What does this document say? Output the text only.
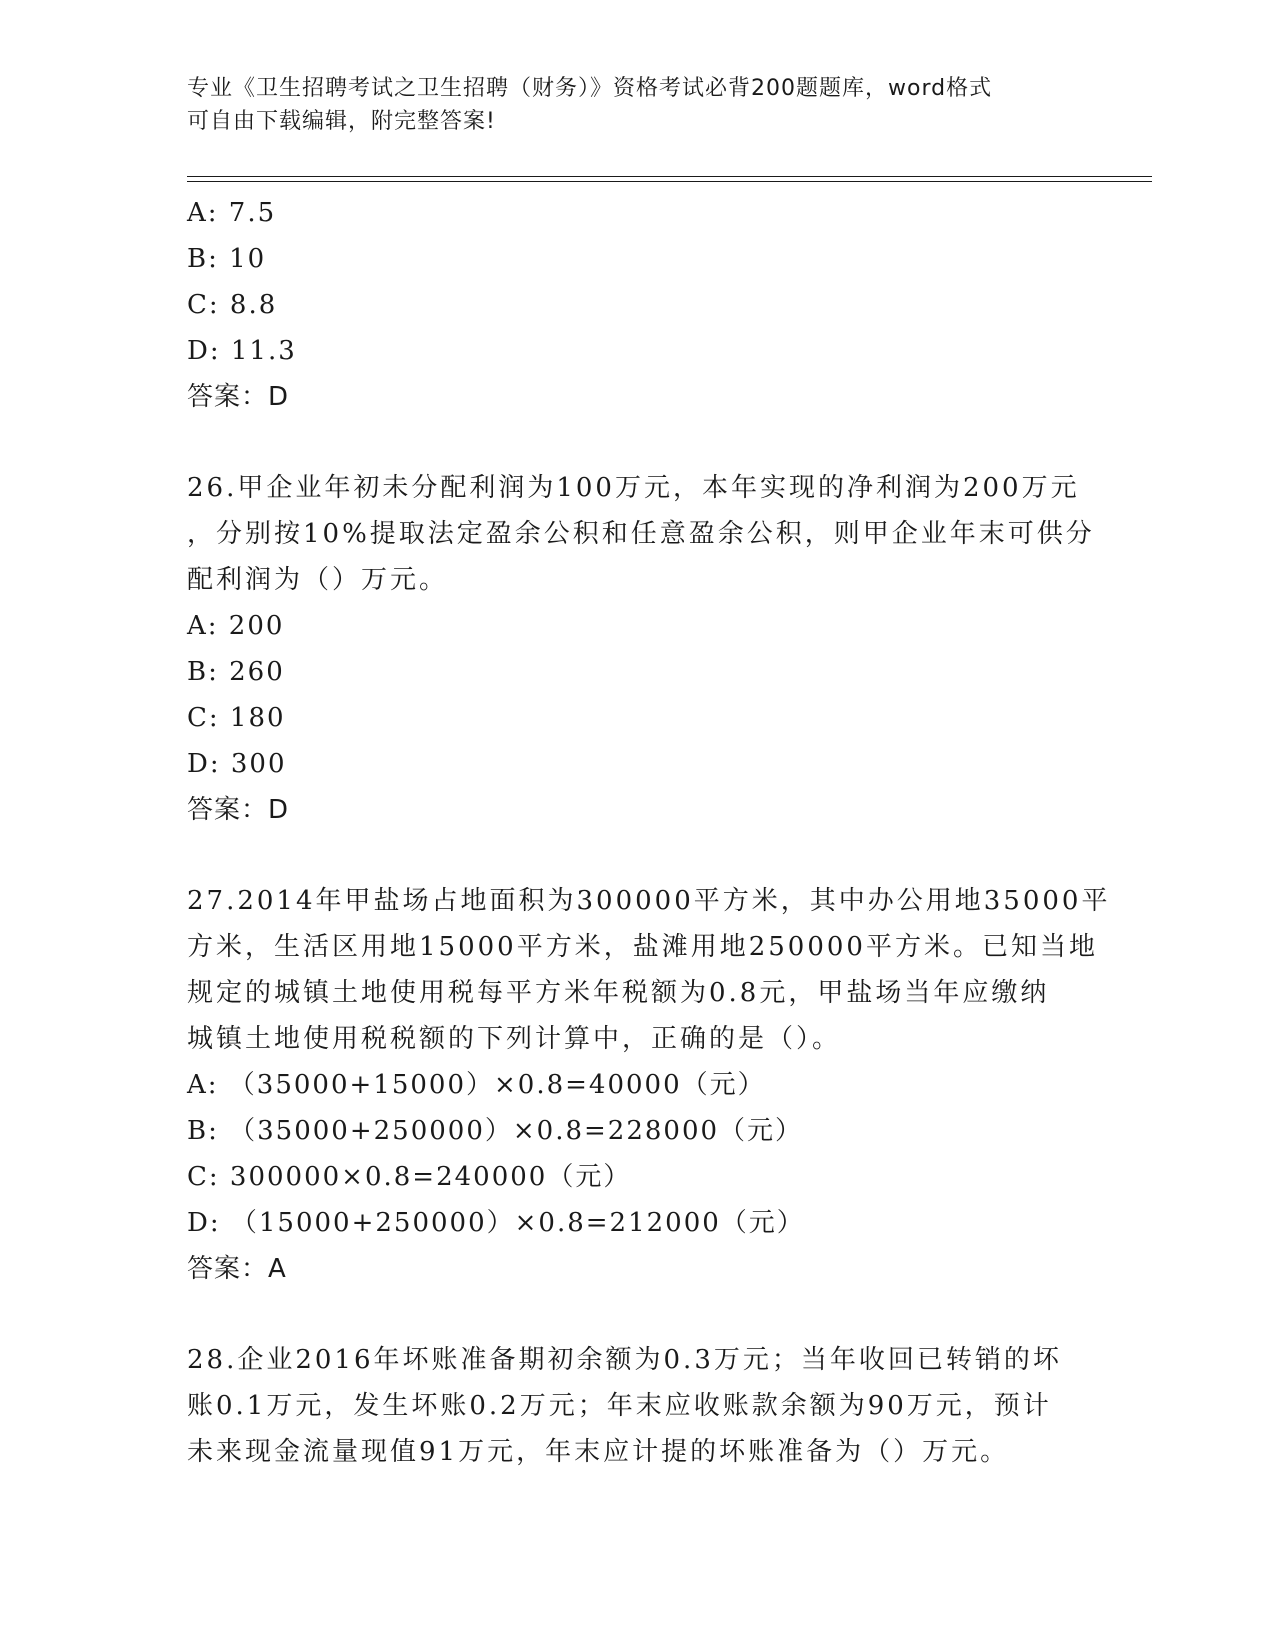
专业《卫生招聘考试之卫生招聘（财务）》资格考试必背200题题库，word格式
可自由下载编辑，附完整答案!
A: 7.5
B: 10
C: 8.8
D: 11.3
答案：D
26.甲企业年初未分配利润为100万元，本年实现的净利润为200万元
，分别按10%提取法定盈余公积和任意盈余公积，则甲企业年末可供分
配利润为（）万元。
A: 200
B: 260
C: 180
D: 300
答案：D
27.2014年甲盐场占地面积为300000平方米，其中办公用地35000平
方米，生活区用地15000平方米，盐滩用地250000平方米。已知当地
规定的城镇土地使用税每平方米年税额为0.8元，甲盐场当年应缴纳
城镇土地使用税税额的下列计算中，正确的是（）。
A: （35000+15000）×0.8=40000（元）
B: （35000+250000）×0.8=228000（元）
C: 300000×0.8=240000（元）
D: （15000+250000）×0.8=212000（元）
答案：A
28.企业2016年坏账准备期初余额为0.3万元；当年收回已转销的坏
账0.1万元，发生坏账0.2万元；年末应收账款余额为90万元，预计
未来现金流量现值91万元，年末应计提的坏账准备为（）万元。
